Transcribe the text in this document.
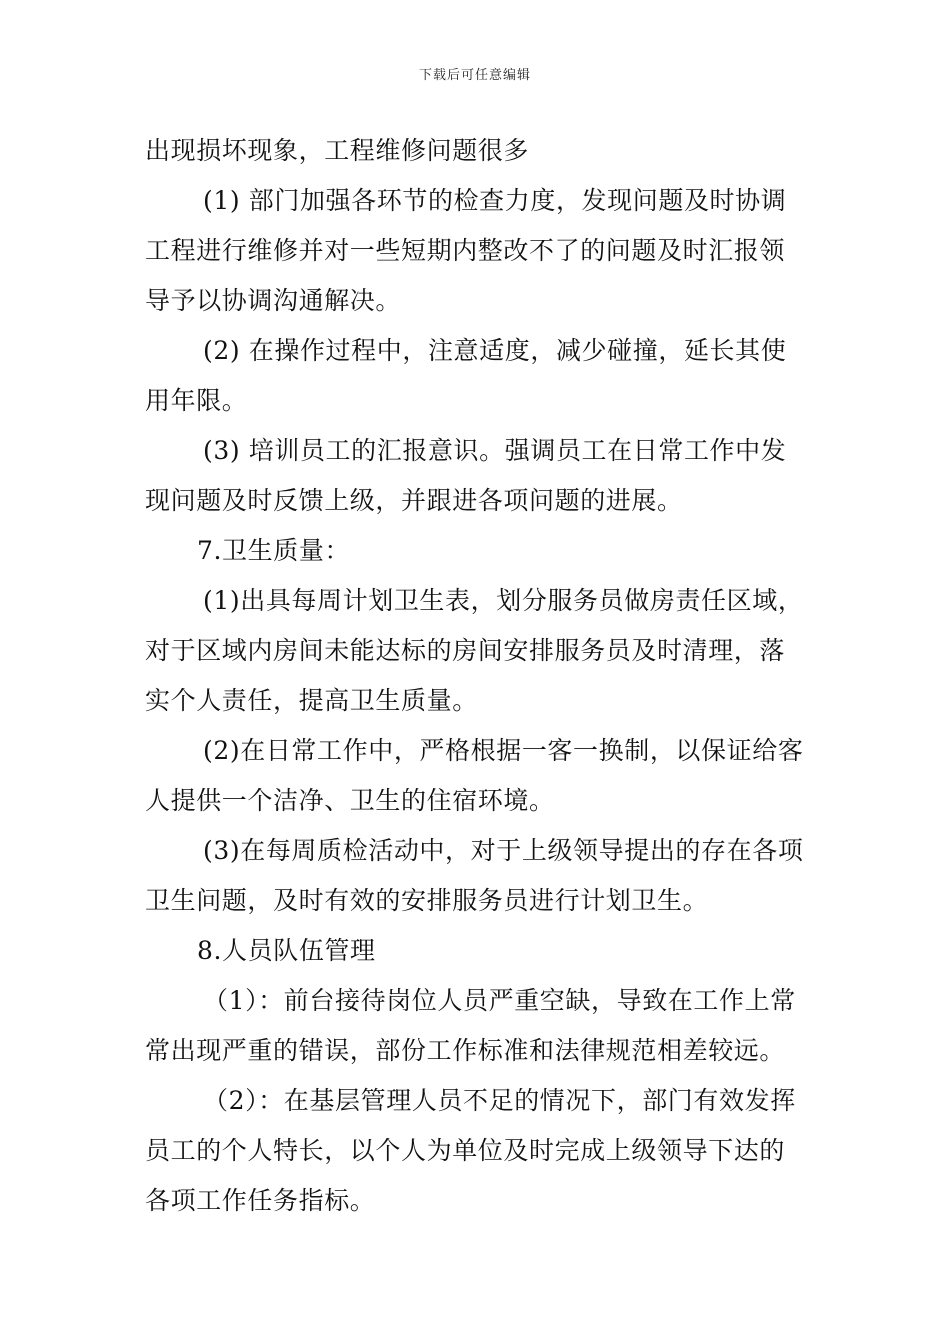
下载后可任意编辑

出现损坏现象，工程维修问题很多

(1) 部门加强各环节的检查力度，发现问题及时协调

工程进行维修并对一些短期内整改不了的问题及时汇报领

导予以协调沟通解决。

(2) 在操作过程中，注意适度，减少碰撞，延长其使

用年限。

(3) 培训员工的汇报意识。强调员工在日常工作中发

现问题及时反馈上级，并跟进各项问题的进展。

7.卫生质量：

(1)出具每周计划卫生表，划分服务员做房责任区域，

对于区域内房间未能达标的房间安排服务员及时清理，落

实个人责任，提高卫生质量。

(2)在日常工作中，严格根据一客一换制，以保证给客

人提供一个洁净、卫生的住宿环境。

(3)在每周质检活动中，对于上级领导提出的存在各项

卫生问题，及时有效的安排服务员进行计划卫生。

8.人员队伍管理

（1）：前台接待岗位人员严重空缺，导致在工作上常

常出现严重的错误，部份工作标准和法律规范相差较远。

（2）：在基层管理人员不足的情况下，部门有效发挥

员工的个人特长，以个人为单位及时完成上级领导下达的

各项工作任务指标。
